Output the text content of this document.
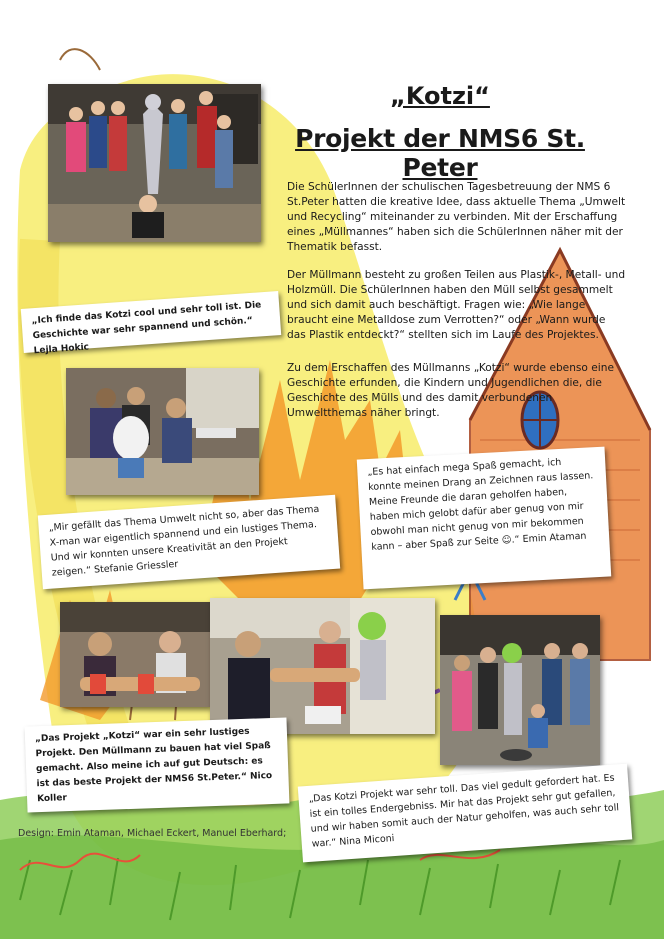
„Kotzi“
Projekt der NMS6 St. Peter
Die SchülerInnen der schulischen Tagesbetreuung der NMS 6 St.Peter hatten die kreative Idee, dass aktuelle Thema „Umwelt und Recycling“ miteinander zu verbinden. Mit der Erschaffung eines „Müllmannes“ haben sich die SchülerInnen näher mit der Thematik befasst.
Der Müllmann besteht zu großen Teilen aus Plastik-, Metall- und Holzmüll. Die SchülerInnen haben den Müll selbst gesammelt und sich damit auch beschäftigt. Fragen wie: „Wie lange braucht eine Metalldose zum Verrotten?“ oder „Wann wurde das Plastik entdeckt?“ stellten sich im Laufe des Projektes.
Zu dem Erschaffen des Müllmanns „Kotzi“ wurde ebenso eine Geschichte erfunden, die Kindern und Jugendlichen die, die Geschichte des Mülls und des damit verbundenen Umweltthemas näher bringt.
„Ich finde das Kotzi cool und sehr toll ist. Die Geschichte war sehr spannend und schön.“ Lejla Hokic
„Es hat einfach mega Spaß gemacht, ich konnte meinen Drang an Zeichnen raus lassen. Meine Freunde die daran geholfen haben, haben mich gelobt dafür aber genug von mir obwohl man nicht genug von mir bekommen kann – aber Spaß zur Seite ☺.“ Emin Ataman
„Mir gefällt das Thema Umwelt nicht so, aber das Thema X-man war eigentlich spannend und ein lustiges Thema. Und wir konnten unsere Kreativität an den Projekt zeigen.“ Stefanie Griessler
„Das Projekt „Kotzi“ war ein sehr lustiges Projekt. Den Müllmann zu bauen hat viel Spaß gemacht. Also meine ich auf gut Deutsch: es ist das beste Projekt der NMS6 St.Peter.“ Nico Koller	„Das Kotzi Projekt war sehr toll. Das viel gedult gefordert hat. Es ist ein tolles Endergebniss. Mir hat das Projekt sehr gut gefallen, und wir haben somit auch der Natur geholfen, was auch sehr toll war.“ Nina Miconi
Design: Emin Ataman, Michael Eckert, Manuel Eberhard;
